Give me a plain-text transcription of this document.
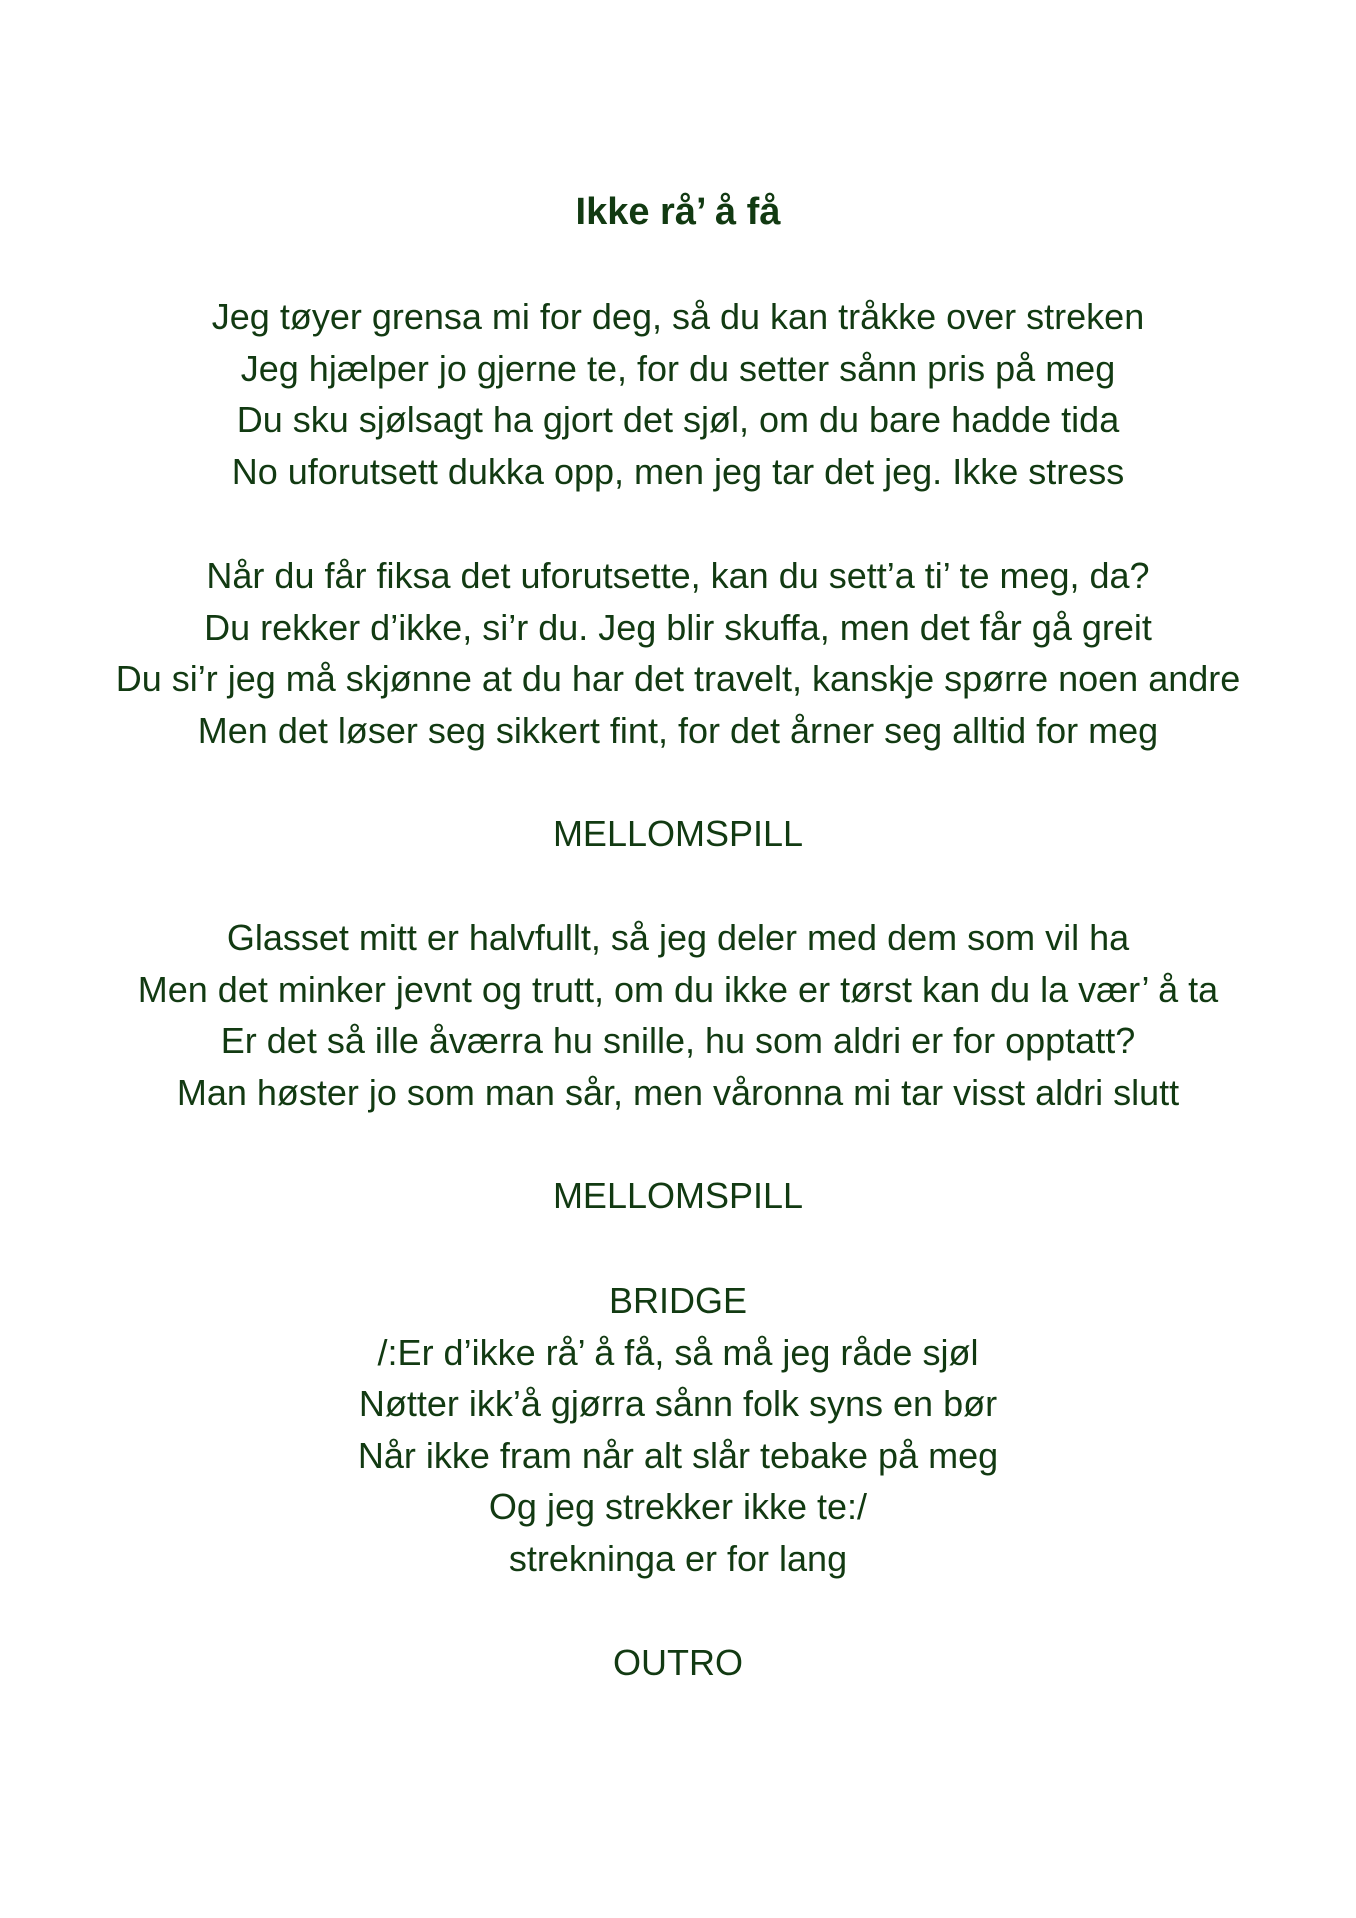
Ikke rå’ å få
Jeg tøyer grensa mi for deg, så du kan tråkke over streken
Jeg hjælper jo gjerne te, for du setter sånn pris på meg
Du sku sjølsagt ha gjort det sjøl, om du bare hadde tida
No uforutsett dukka opp, men jeg tar det jeg. Ikke stress
Når du får fiksa det uforutsette, kan du sett’a ti’ te meg, da?
Du rekker d’ikke, si’r du. Jeg blir skuffa, men det får gå greit
Du si’r jeg må skjønne at du har det travelt, kanskje spørre noen andre
Men det løser seg sikkert fint, for det årner seg alltid for meg
MELLOMSPILL
Glasset mitt er halvfullt, så jeg deler med dem som vil ha
Men det minker jevnt og trutt, om du ikke er tørst kan du la vær’ å ta
Er det så ille åværra hu snille, hu som aldri er for opptatt?
Man høster jo som man sår, men våronna mi tar visst aldri slutt
MELLOMSPILL
BRIDGE
/:Er d’ikke rå’ å få, så må jeg råde sjøl
Nøtter ikk’å gjørra sånn folk syns en bør
Når ikke fram når alt slår tebake på meg
Og jeg strekker ikke te:/
strekninga er for lang
OUTRO
